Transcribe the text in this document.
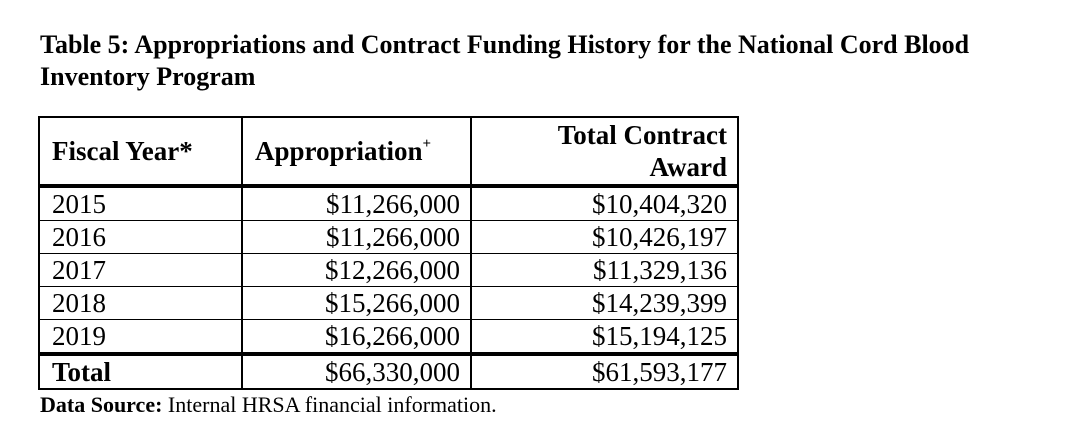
Table 5: Appropriations and Contract Funding History for the National Cord Blood Inventory Program
Fiscal Year*	Appropriation+	Total Contract
Award

2015	$11,266,000	$10,404,320
2016	$11,266,000	$10,426,197
2017	$12,266,000	$11,329,136
2018	$15,266,000	$14,239,399
2019	$16,266,000	$15,194,125
Total	$66,330,000	$61,593,177

Data Source: Internal HRSA financial information.
